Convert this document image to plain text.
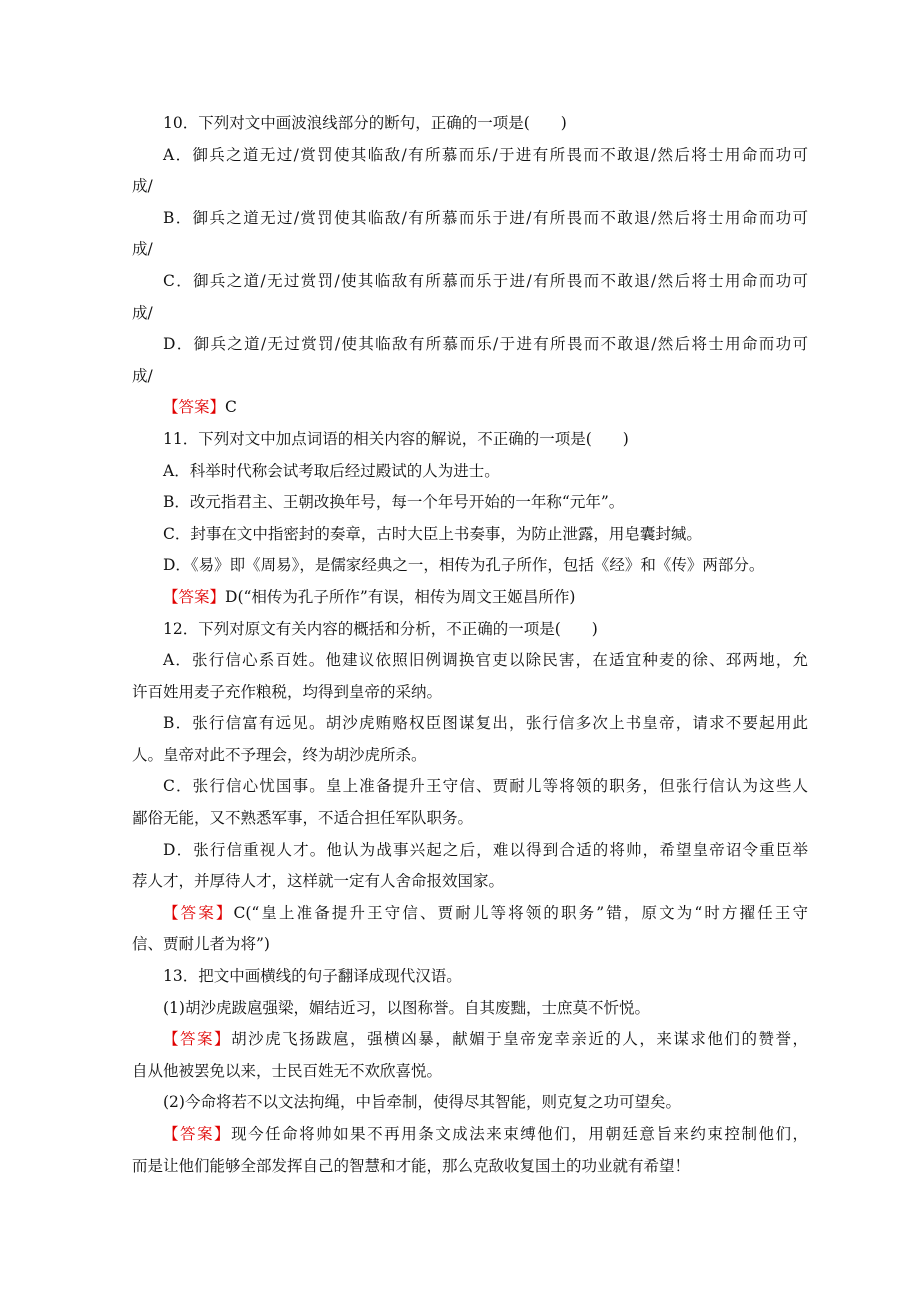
10．下列对文中画波浪线部分的断句，正确的一项是(　　)
A．御兵之道无过/赏罚使其临敌/有所慕而乐/于进有所畏而不敢退/然后将士用命而功可
成/
B．御兵之道无过/赏罚使其临敌/有所慕而乐于进/有所畏而不敢退/然后将士用命而功可
成/
C．御兵之道/无过赏罚/使其临敌有所慕而乐于进/有所畏而不敢退/然后将士用命而功可
成/
D．御兵之道/无过赏罚/使其临敌有所慕而乐/于进有所畏而不敢退/然后将士用命而功可
成/
【答案】C
11．下列对文中加点词语的相关内容的解说，不正确的一项是(　　)
A．科举时代称会试考取后经过殿试的人为进士。
B．改元指君主、王朝改换年号，每一个年号开始的一年称“元年”。
C．封事在文中指密封的奏章，古时大臣上书奏事，为防止泄露，用皂囊封缄。
D．《易》即《周易》，是儒家经典之一，相传为孔子所作，包括《经》和《传》两部分。
【答案】D(“相传为孔子所作”有误，相传为周文王姬昌所作)
12．下列对原文有关内容的概括和分析，不正确的一项是(　　)
A．张行信心系百姓。他建议依照旧例调换官吏以除民害，在适宜种麦的徐、邳两地，允
许百姓用麦子充作粮税，均得到皇帝的采纳。
B．张行信富有远见。胡沙虎贿赂权臣图谋复出，张行信多次上书皇帝，请求不要起用此
人。皇帝对此不予理会，终为胡沙虎所杀。
C．张行信心忧国事。皇上准备提升王守信、贾耐儿等将领的职务，但张行信认为这些人
鄙俗无能，又不熟悉军事，不适合担任军队职务。
D．张行信重视人才。他认为战事兴起之后，难以得到合适的将帅，希望皇帝诏令重臣举
荐人才，并厚待人才，这样就一定有人舍命报效国家。
【答案】C(“皇上准备提升王守信、贾耐儿等将领的职务”错，原文为“时方擢任王守
信、贾耐儿者为将”)
13．把文中画横线的句子翻译成现代汉语。
(1)胡沙虎跋扈强梁，媚结近习，以图称誉。自其废黜，士庶莫不忻悦。
【答案】胡沙虎飞扬跋扈，强横凶暴，献媚于皇帝宠幸亲近的人，来谋求他们的赞誉，
自从他被罢免以来，士民百姓无不欢欣喜悦。
(2)今命将若不以文法拘绳，中旨牵制，使得尽其智能，则克复之功可望矣。
【答案】现今任命将帅如果不再用条文成法来束缚他们，用朝廷意旨来约束控制他们，
而是让他们能够全部发挥自己的智慧和才能，那么克敌收复国土的功业就有希望！
